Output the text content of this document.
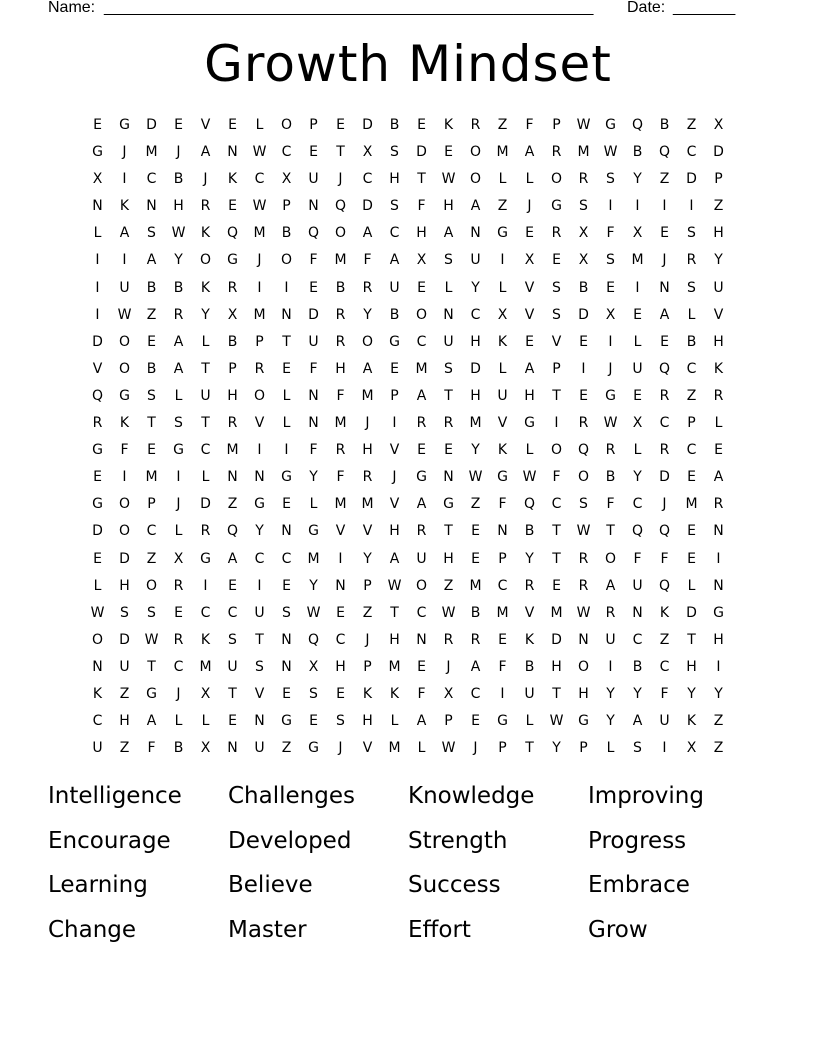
Name: _______________________________________________________ Date: _______
Growth Mindset
E	G	D	E	V	E	L	O	P	E	D	B	E	K	R	Z	F	P	W	G	Q	B	Z	X
G	J	M	J	A	N	W	C	E	T	X	S	D	E	O	M	A	R	M	W	B	Q	C	D
X	I	C	B	J	K	C	X	U	J	C	H	T	W	O	L	L	O	R	S	Y	Z	D	P
N	K	N	H	R	E	W	P	N	Q	D	S	F	H	A	Z	J	G	S	I	I	I	I	Z
L	A	S	W	K	Q	M	B	Q	O	A	C	H	A	N	G	E	R	X	F	X	E	S	H
I	I	A	Y	O	G	J	O	F	M	F	A	X	S	U	I	X	E	X	S	M	J	R	Y
I	U	B	B	K	R	I	I	E	B	R	U	E	L	Y	L	V	S	B	E	I	N	S	U
I	W	Z	R	Y	X	M	N	D	R	Y	B	O	N	C	X	V	S	D	X	E	A	L	V
D	O	E	A	L	B	P	T	U	R	O	G	C	U	H	K	E	V	E	I	L	E	B	H
V	O	B	A	T	P	R	E	F	H	A	E	M	S	D	L	A	P	I	J	U	Q	C	K
Q	G	S	L	U	H	O	L	N	F	M	P	A	T	H	U	H	T	E	G	E	R	Z	R
R	K	T	S	T	R	V	L	N	M	J	I	R	R	M	V	G	I	R	W	X	C	P	L
G	F	E	G	C	M	I	I	F	R	H	V	E	E	Y	K	L	O	Q	R	L	R	C	E
E	I	M	I	L	N	N	G	Y	F	R	J	G	N	W	G	W	F	O	B	Y	D	E	A
G	O	P	J	D	Z	G	E	L	M	M	V	A	G	Z	F	Q	C	S	F	C	J	M	R
D	O	C	L	R	Q	Y	N	G	V	V	H	R	T	E	N	B	T	W	T	Q	Q	E	N
E	D	Z	X	G	A	C	C	M	I	Y	A	U	H	E	P	Y	T	R	O	F	F	E	I
L	H	O	R	I	E	I	E	Y	N	P	W	O	Z	M	C	R	E	R	A	U	Q	L	N
W	S	S	E	C	C	U	S	W	E	Z	T	C	W	B	M	V	M	W	R	N	K	D	G
O	D	W	R	K	S	T	N	Q	C	J	H	N	R	R	E	K	D	N	U	C	Z	T	H
N	U	T	C	M	U	S	N	X	H	P	M	E	J	A	F	B	H	O	I	B	C	H	I
K	Z	G	J	X	T	V	E	S	E	K	K	F	X	C	I	U	T	H	Y	Y	F	Y	Y
C	H	A	L	L	E	N	G	E	S	H	L	A	P	E	G	L	W	G	Y	A	U	K	Z
U	Z	F	B	X	N	U	Z	G	J	V	M	L	W	J	P	T	Y	P	L	S	I	X	Z
Intelligence	Challenges	Knowledge	Improving
Encourage	Developed	Strength	Progress
Learning	Believe	Success	Embrace
Change	Master	Effort	Grow
